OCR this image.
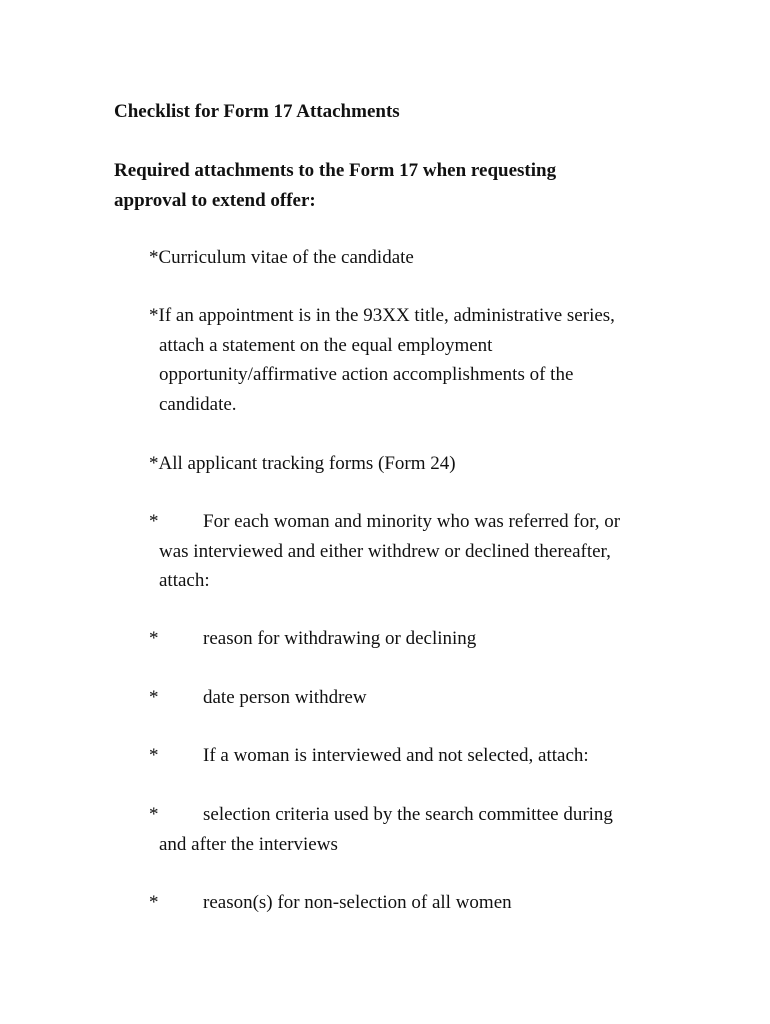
Checklist for Form 17 Attachments
Required attachments to the Form 17 when requesting
approval to extend offer:
*Curriculum vitae of the candidate
*If an appointment is in the 93XX title, administrative series,
attach a statement on the equal employment
opportunity/affirmative action accomplishments of the
candidate.
*All applicant tracking forms (Form 24)
* For each woman and minority who was referred for, or
was interviewed and either withdrew or declined thereafter,
attach:
* reason for withdrawing or declining
* date person withdrew
* If a woman is interviewed and not selected, attach:
* selection criteria used by the search committee during
and after the interviews
* reason(s) for non-selection of all women
